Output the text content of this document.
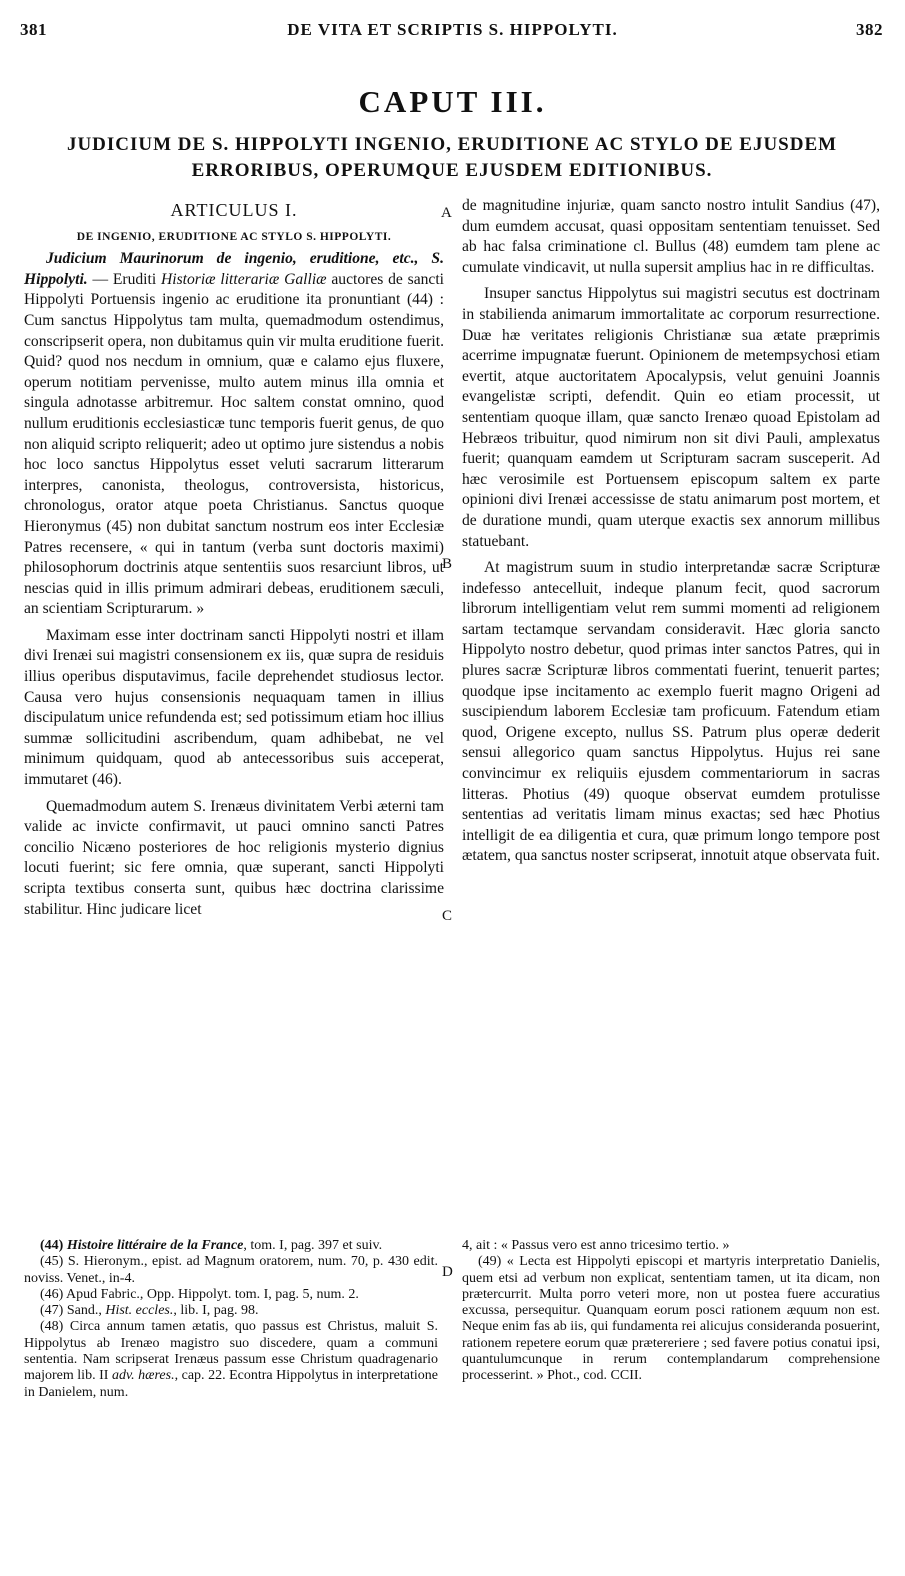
381	DE VITA ET SCRIPTIS S. HIPPOLYTI.	382
CAPUT III.
JUDICIUM DE S. HIPPOLYTI INGENIO, ERUDITIONE AC STYLO DE EJUSDEM
ERRORIBUS, OPERUMQUE EJUSDEM EDITIONIBUS.
A
B
C
D
ARTICULUS I.
DE INGENIO, ERUDITIONE AC STYLO S. HIPPOLYTI.

Judicium Maurinorum de ingenio, eruditione, etc., S. Hippolyti. — Eruditi Historiæ litterariæ Galliæ auctores de sancti Hippolyti Portuensis ingenio ac eruditione ita pronuntiant (44) : Cum sanctus Hippolytus tam multa, quemadmodum ostendimus, conscripserit opera, non dubitamus quin vir multa eruditione fuerit. Quid? quod nos necdum in omnium, quæ e calamo ejus fluxere, operum notitiam pervenisse, multo autem minus illa omnia et singula adnotasse arbitremur. Hoc saltem constat omnino, quod nullum eruditionis ecclesiasticæ tunc temporis fuerit genus, de quo non aliquid scripto reliquerit; adeo ut optimo jure sistendus a nobis hoc loco sanctus Hippolytus esset veluti sacrarum litterarum interpres, canonista, theologus, controversista, historicus, chronologus, orator atque poeta Christianus. Sanctus quoque Hieronymus (45) non dubitat sanctum nostrum eos inter Ecclesiæ Patres recensere, « qui in tantum (verba sunt doctoris maximi) philosophorum doctrinis atque sententiis suos resarciunt libros, ut nescias quid in illis primum admirari debeas, eruditionem sæculi, an scientiam Scripturarum. »

Maximam esse inter doctrinam sancti Hippolyti nostri et illam divi Irenæi sui magistri consensionem ex iis, quæ supra de residuis illius operibus disputavimus, facile deprehendet studiosus lector. Causa vero hujus consensionis nequaquam tamen in illius discipulatum unice refundenda est; sed potissimum etiam hoc illius summæ sollicitudini ascribendum, quam adhibebat, ne vel minimum quidquam, quod ab antecessoribus suis acceperat, immutaret (46).

Quemadmodum autem S. Irenæus divinitatem Verbi æterni tam valide ac invicte confirmavit, ut pauci omnino sancti Patres concilio Nicæno posteriores de hoc religionis mysterio dignius locuti fuerint; sic fere omnia, quæ superant, sancti Hippolyti scripta textibus conserta sunt, quibus hæc doctrina clarissime stabilitur. Hinc judicare licet

de magnitudine injuriæ, quam sancto nostro intulit Sandius (47), dum eumdem accusat, quasi oppositam sententiam tenuisset. Sed ab hac falsa criminatione cl. Bullus (48) eumdem tam plene ac cumulate vindicavit, ut nulla supersit amplius hac in re difficultas.

Insuper sanctus Hippolytus sui magistri secutus est doctrinam in stabilienda animarum immortalitate ac corporum resurrectione. Duæ hæ veritates religionis Christianæ sua ætate præprimis acerrime impugnatæ fuerunt. Opinionem de metempsychosi etiam evertit, atque auctoritatem Apocalypsis, velut genuini Joannis evangelistæ scripti, defendit. Quin eo etiam processit, ut sententiam quoque illam, quæ sancto Irenæo quoad Epistolam ad Hebræos tribuitur, quod nimirum non sit divi Pauli, amplexatus fuerit; quanquam eamdem ut Scripturam sacram susceperit. Ad hæc verosimile est Portuensem episcopum saltem ex parte opinioni divi Irenæi accessisse de statu animarum post mortem, et de duratione mundi, quam uterque exactis sex annorum millibus statuebant.

At magistrum suum in studio interpretandæ sacræ Scripturæ indefesso antecelluit, indeque planum fecit, quod sacrorum librorum intelligentiam velut rem summi momenti ad religionem sartam tectamque servandam consideravit. Hæc gloria sancto Hippolyto nostro debetur, quod primas inter sanctos Patres, qui in plures sacræ Scripturæ libros commentati fuerint, tenuerit partes; quodque ipse incitamento ac exemplo fuerit magno Origeni ad suscipiendum laborem Ecclesiæ tam proficuum. Fatendum etiam quod, Origene excepto, nullus SS. Patrum plus operæ dederit sensui allegorico quam sanctus Hippolytus. Hujus rei sane convincimur ex reliquiis ejusdem commentariorum in sacras litteras. Photius (49) quoque observat eumdem protulisse sententias ad veritatis limam minus exactas; sed hæc Photius intelligit de ea diligentia et cura, quæ primum longo tempore post ætatem, qua sanctus noster scripserat, innotuit atque observata fuit.

(44) Histoire littéraire de la France, tom. I, pag. 397 et suiv.

(45) S. Hieronym., epist. ad Magnum oratorem, num. 70, p. 430 edit. noviss. Venet., in-4.

(46) Apud Fabric., Opp. Hippolyt. tom. I, pag. 5, num. 2.

(47) Sand., Hist. eccles., lib. I, pag. 98.

(48) Circa annum tamen ætatis, quo passus est Christus, maluit S. Hippolytus ab Irenæo magistro suo discedere, quam a communi sententia. Nam scripserat Irenæus passum esse Christum quadragenario majorem lib. II adv. hæres., cap. 22. Econtra Hippolytus in interpretatione in Danielem, num.

4, ait : « Passus vero est anno tricesimo tertio. »

(49) « Lecta est Hippolyti episcopi et martyris interpretatio Danielis, quem etsi ad verbum non explicat, sententiam tamen, ut ita dicam, non prætercurrit. Multa porro veteri more, non ut postea fuere accuratius excussa, persequitur. Quanquam eorum posci rationem æquum non est. Neque enim fas ab iis, qui fundamenta rei alicujus consideranda posuerint, rationem repetere eorum quæ prætereriere ; sed favere potius conatui ipsi, quantulumcunque in rerum contemplandarum comprehensione processerint. » Phot., cod. CCII.
